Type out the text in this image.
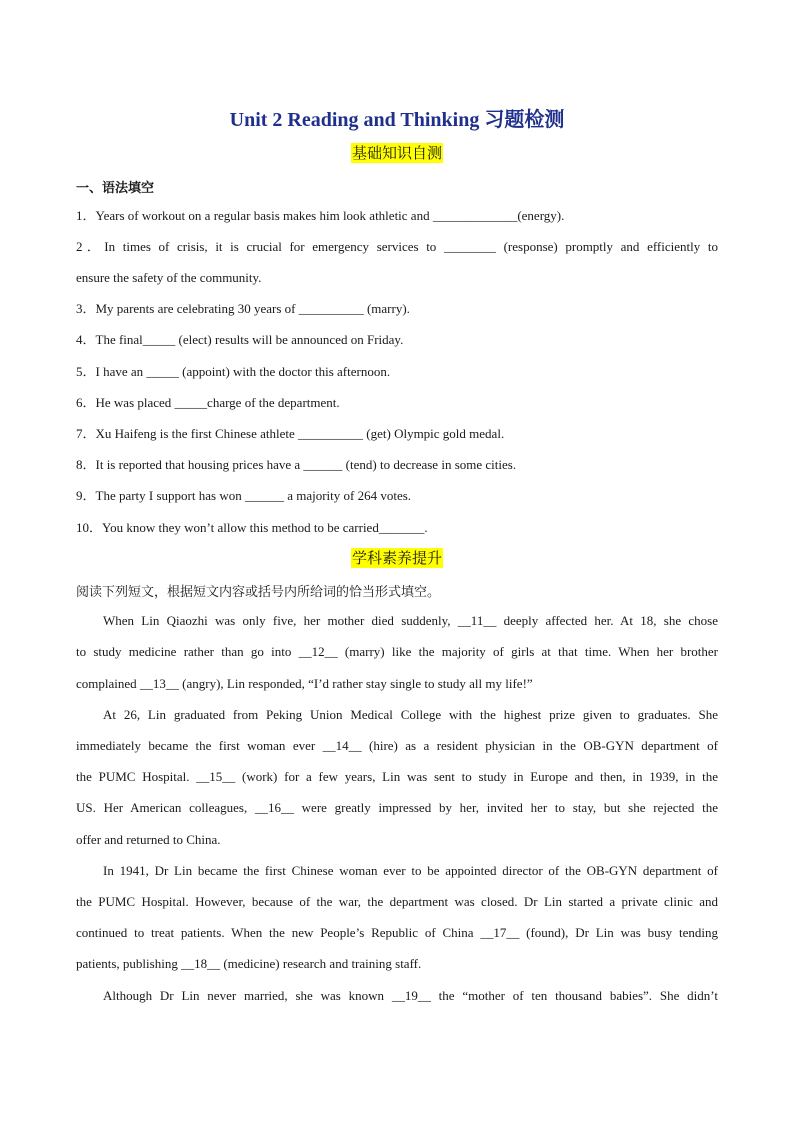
Unit 2 Reading and Thinking 习题检测
基础知识自测
一、语法填空
1．Years of workout on a regular basis makes him look athletic and _____________(energy).
2．In times of crisis, it is crucial for emergency services to ________ (response) promptly and efficiently to
ensure the safety of the community.
3．My parents are celebrating 30 years of __________ (marry).
4．The final_____ (elect) results will be announced on Friday.
5．I have an _____ (appoint) with the doctor this afternoon.
6．He was placed _____charge of the department.
7．Xu Haifeng is the first Chinese athlete __________ (get) Olympic gold medal.
8．It is reported that housing prices have a ______ (tend) to decrease in some cities.
9．The party I support has won ______ a majority of 264 votes.
10．You know they won’t allow this method to be carried_______.
学科素养提升
阅读下列短文，根据短文内容或括号内所给词的恰当形式填空。
When Lin Qiaozhi was only five, her mother died suddenly, __11__ deeply affected her. At 18, she chose
to study medicine rather than go into __12__ (marry) like the majority of girls at that time. When her brother
complained __13__ (angry), Lin responded, “I’d rather stay single to study all my life!”
At 26, Lin graduated from Peking Union Medical College with the highest prize given to graduates. She
immediately became the first woman ever __14__ (hire) as a resident physician in the OB-GYN department of
the PUMC Hospital. __15__ (work) for a few years, Lin was sent to study in Europe and then, in 1939, in the
US. Her American colleagues, __16__ were greatly impressed by her, invited her to stay, but she rejected the
offer and returned to China.
In 1941, Dr Lin became the first Chinese woman ever to be appointed director of the OB-GYN department of
the PUMC Hospital. However, because of the war, the department was closed. Dr Lin started a private clinic and
continued to treat patients. When the new People’s Republic of China __17__ (found), Dr Lin was busy tending
patients, publishing __18__ (medicine) research and training staff.
Although Dr Lin never married, she was known __19__ the “mother of ten thousand babies”. She didn’t
